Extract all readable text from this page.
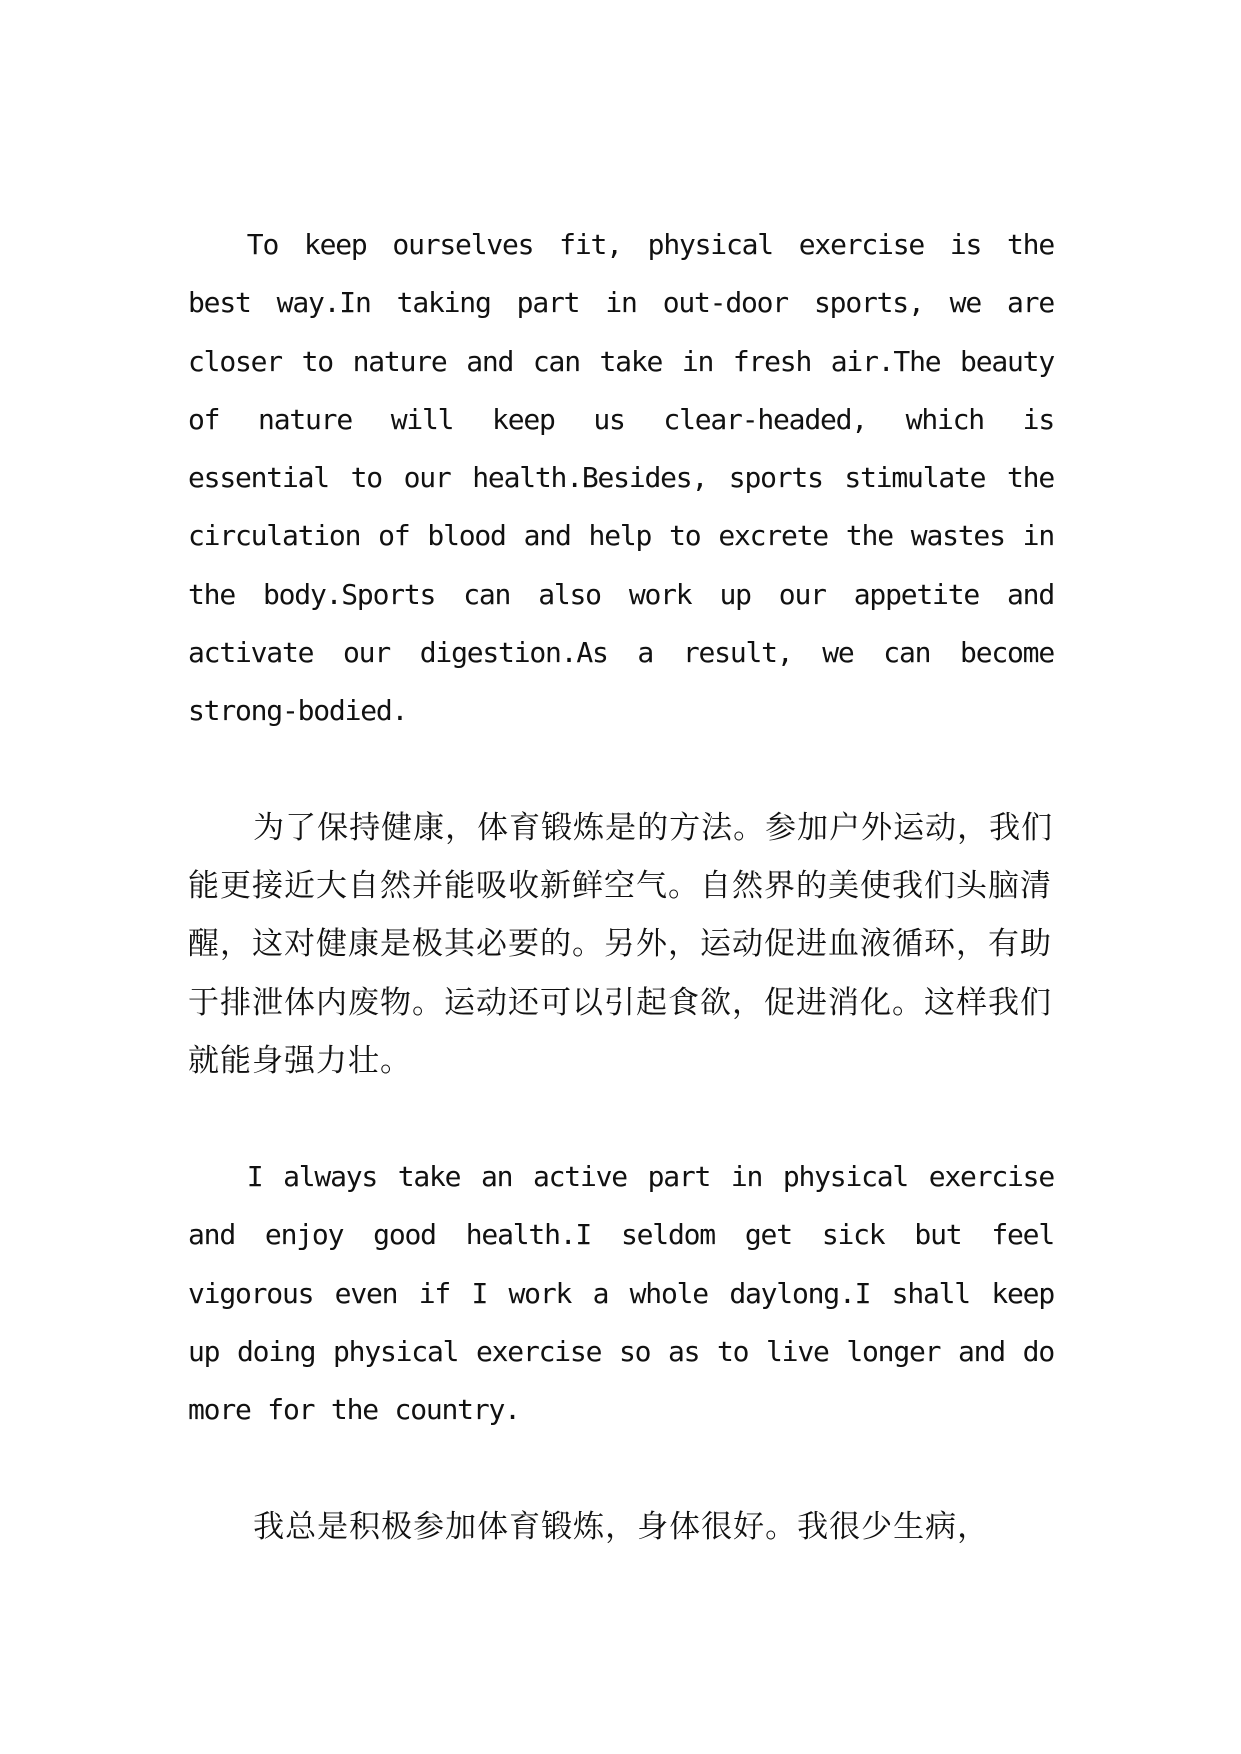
To keep ourselves fit, physical exercise is the best way.In taking part in out-door sports, we are closer to nature and can take in fresh air.The beauty of nature will keep us clear-headed, which is essential to our health.Besides, sports stimulate the circulation of blood and help to excrete the wastes in the body.Sports can also work up our appetite and activate our digestion.As a result, we can become strong-bodied.

为了保持健康，体育锻炼是的方法。参加户外运动，我们能更接近大自然并能吸收新鲜空气。自然界的美使我们头脑清醒，这对健康是极其必要的。另外，运动促进血液循环，有助于排泄体内废物。运动还可以引起食欲，促进消化。这样我们就能身强力壮。

I always take an active part in physical exercise and enjoy good health.I seldom get sick but feel vigorous even if I work a whole daylong.I shall keep up doing physical exercise so as to live longer and do more for the country.

我总是积极参加体育锻炼，身体很好。我很少生病，
